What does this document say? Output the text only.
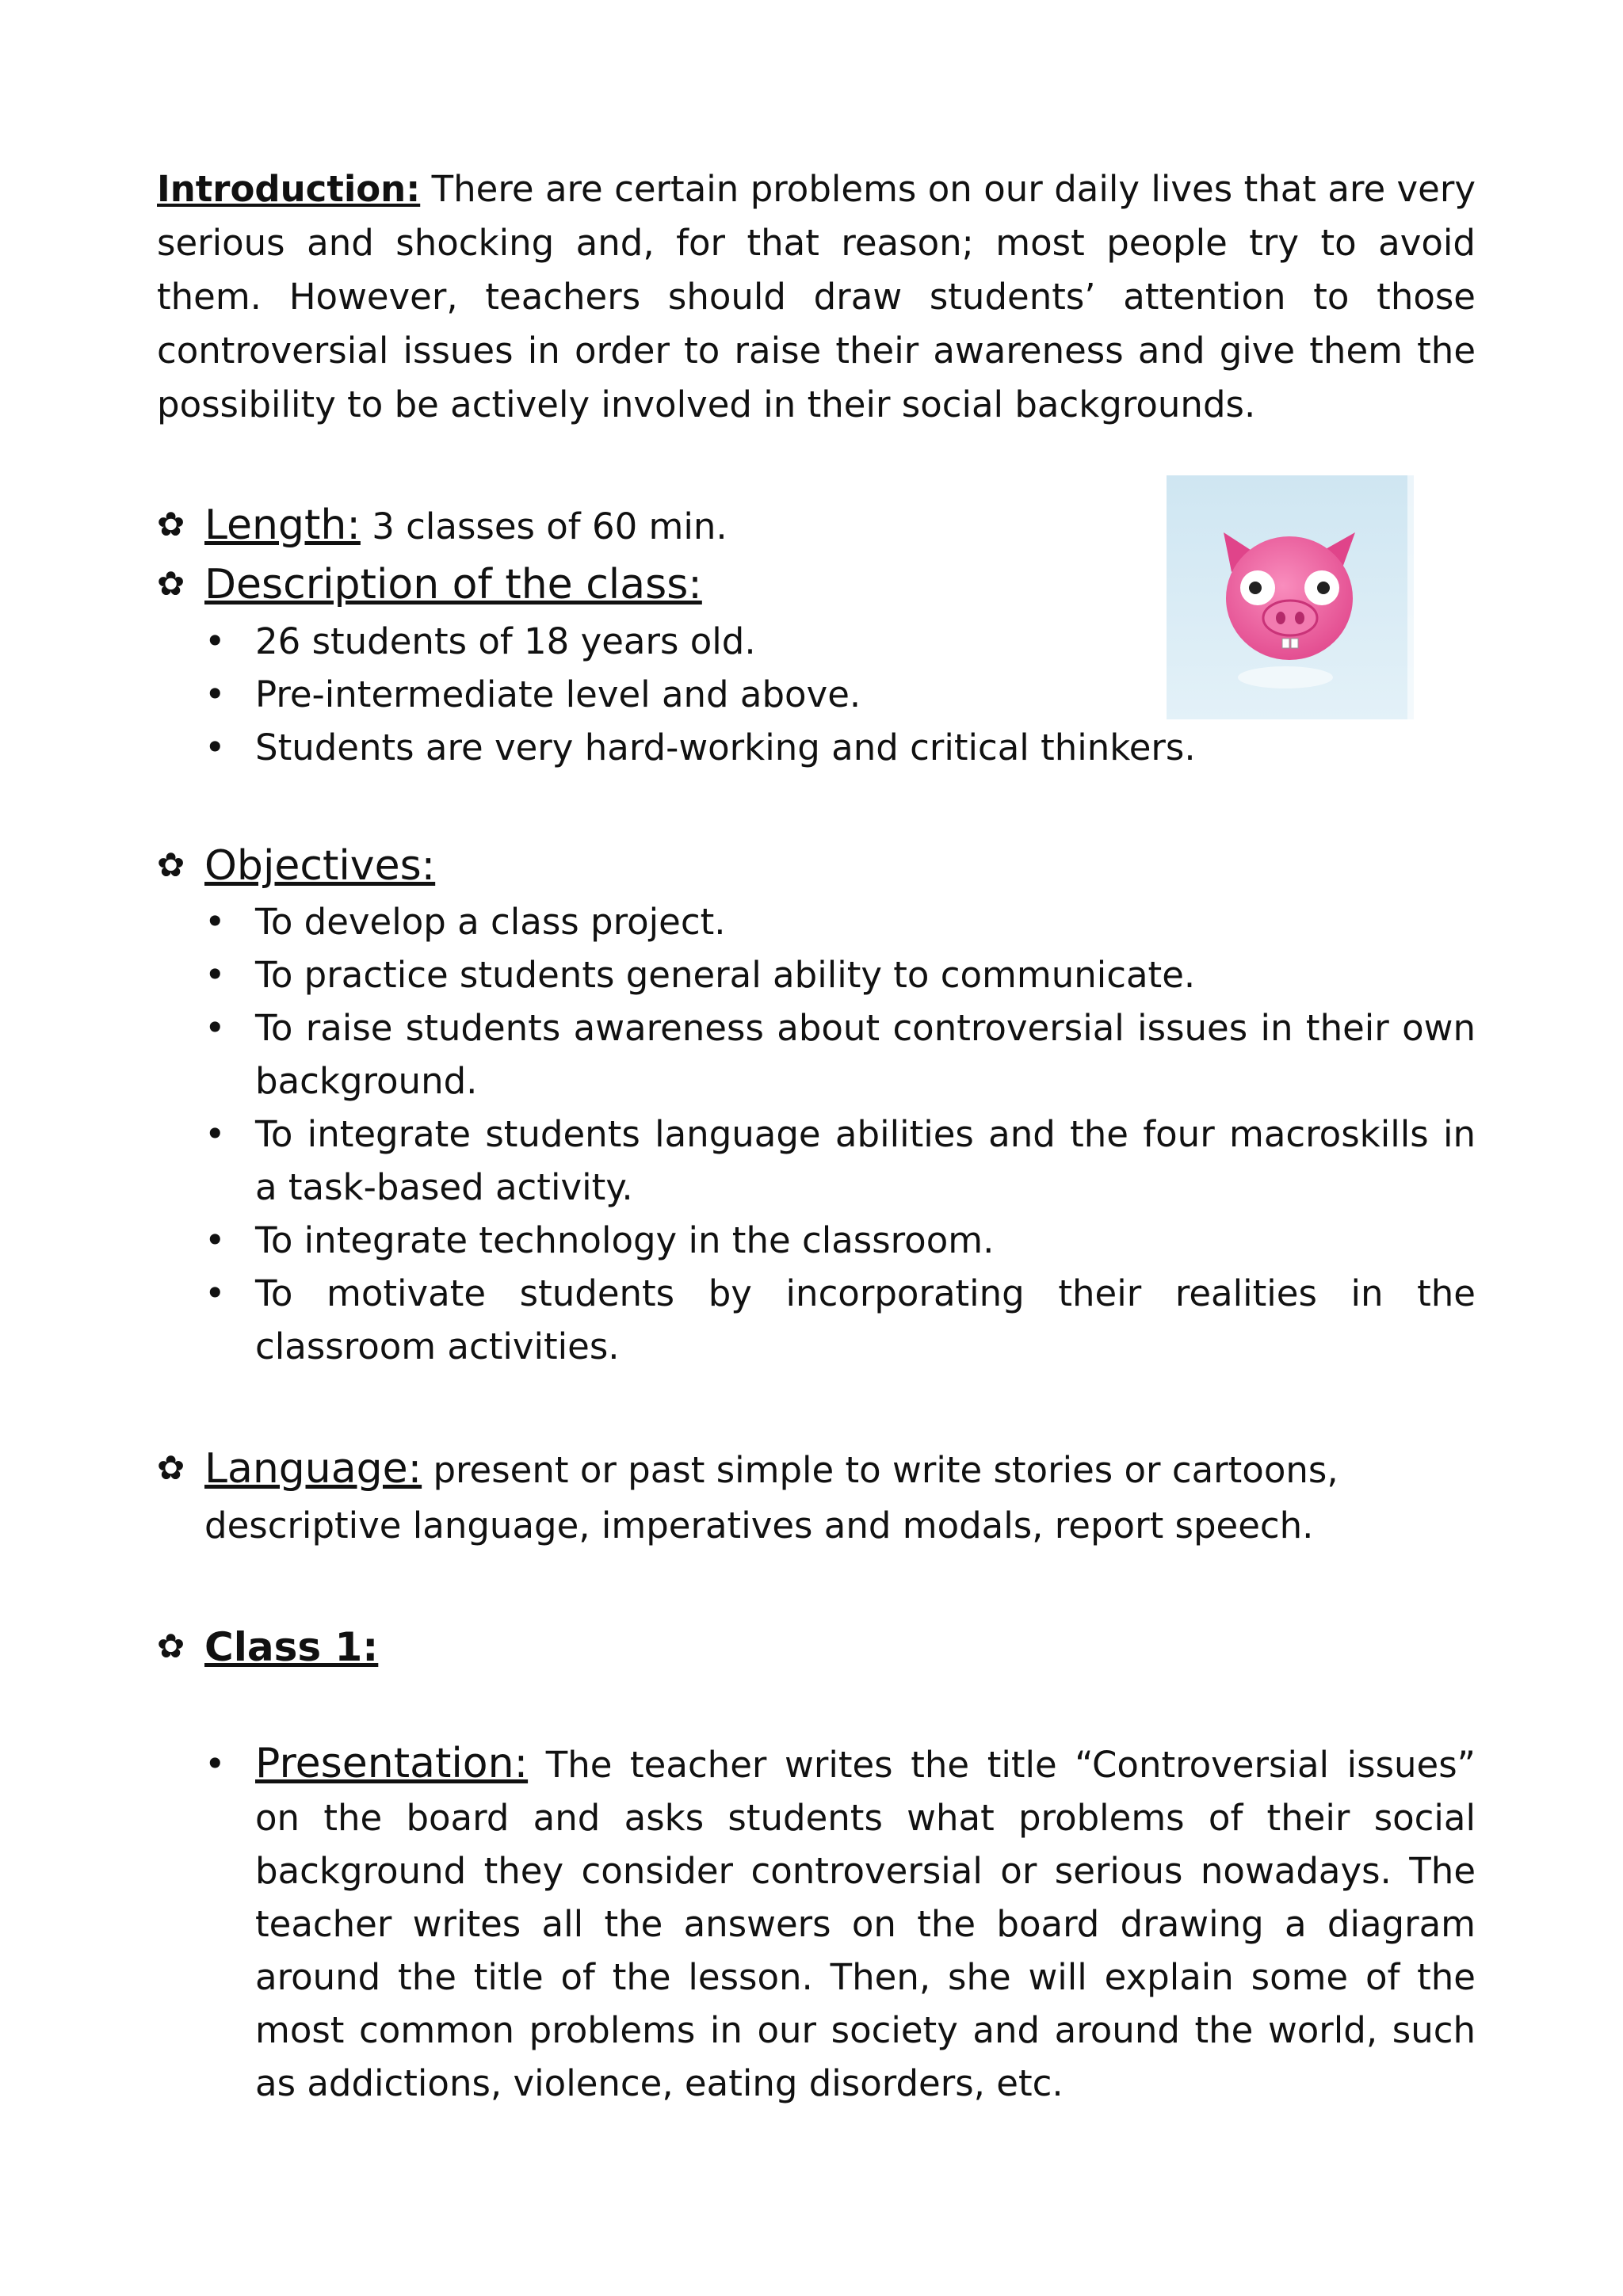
Introduction: There are certain problems on our daily lives that are very serious and shocking and, for that reason; most people try to avoid them. However, teachers should draw students’ attention to those controversial issues in order to raise their awareness and give them the possibility to be actively involved in their social backgrounds.

✿ Length: 3 classes of 60 min.
✿ Description of the class:
• 26 students of 18 years old.
• Pre-intermediate level and above.
• Students are very hard-working and critical thinkers.
✿ Objectives:
• To develop a class project.
• To practice students general ability to communicate.
• To raise students awareness about controversial issues in their own background.
• To integrate students language abilities and the four macroskills in a task-based activity.
• To integrate technology in the classroom.
• To motivate students by incorporating their realities in the classroom activities.
✿ Language: present or past simple to write stories or cartoons,
descriptive language, imperatives and modals, report speech.
✿ Class 1:
• Presentation: The teacher writes the title “Controversial issues” on the board and asks students what problems of their social background they consider controversial or serious nowadays. The teacher writes all the answers on the board drawing a diagram around the title of the lesson. Then, she will explain some of the most common problems in our society and around the world, such as addictions, violence, eating disorders, etc.
